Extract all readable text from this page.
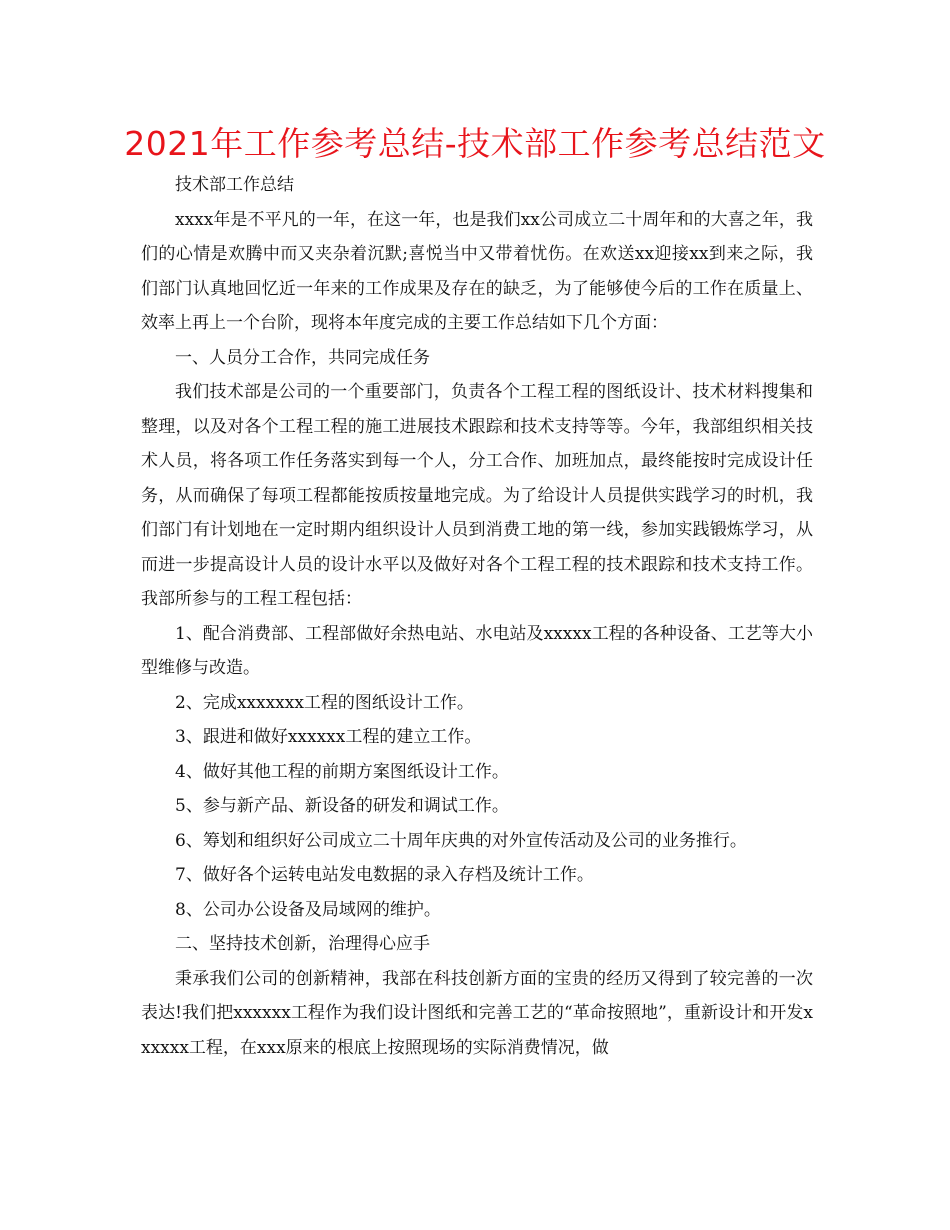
2021年工作参考总结-技术部工作参考总结范文

技术部工作总结

xxxx年是不平凡的一年，在这一年，也是我们xx公司成立二十周年和的大喜之年，我们的心情是欢腾中而又夹杂着沉默;喜悦当中又带着忧伤。在欢送xx迎接xx到来之际，我们部门认真地回忆近一年来的工作成果及存在的缺乏，为了能够使今后的工作在质量上、效率上再上一个台阶，现将本年度完成的主要工作总结如下几个方面：

一、人员分工合作，共同完成任务

我们技术部是公司的一个重要部门，负责各个工程工程的图纸设计、技术材料搜集和整理，以及对各个工程工程的施工进展技术跟踪和技术支持等等。今年，我部组织相关技术人员，将各项工作任务落实到每一个人，分工合作、加班加点，最终能按时完成设计任务，从而确保了每项工程都能按质按量地完成。为了给设计人员提供实践学习的时机，我们部门有计划地在一定时期内组织设计人员到消费工地的第一线，参加实践锻炼学习，从而进一步提高设计人员的设计水平以及做好对各个工程工程的技术跟踪和技术支持工作。我部所参与的工程工程包括：

1、配合消费部、工程部做好余热电站、水电站及xxxxx工程的各种设备、工艺等大小型维修与改造。

2、完成xxxxxxx工程的图纸设计工作。

3、跟进和做好xxxxxx工程的建立工作。

4、做好其他工程的前期方案图纸设计工作。

5、参与新产品、新设备的研发和调试工作。

6、筹划和组织好公司成立二十周年庆典的对外宣传活动及公司的业务推行。

7、做好各个运转电站发电数据的录入存档及统计工作。

8、公司办公设备及局域网的维护。

二、坚持技术创新，治理得心应手

秉承我们公司的创新精神，我部在科技创新方面的宝贵的经历又得到了较完善的一次表达!我们把xxxxxx工程作为我们设计图纸和完善工艺的“革命按照地”，重新设计和开发xxxxxx工程，在xxx原来的根底上按照现场的实际消费情况，做
